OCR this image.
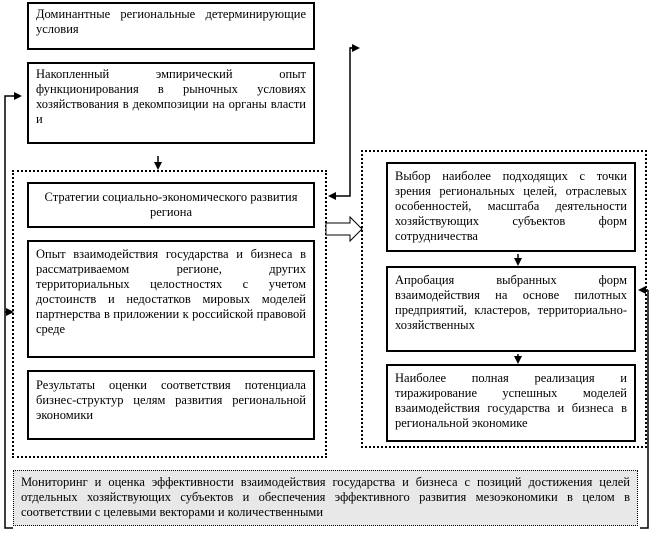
Доминантные региональные детерминирующие условия
Накопленный эмпирический опыт функционирования в рыночных условиях хозяйствования в декомпозиции на органы власти и
Стратегии социально-экономического развития региона
Опыт взаимодействия государства и бизнеса в рассматриваемом регионе, других территориальных целостностях с учетом достоинств и недостатков мировых моделей партнерства в приложении к российской правовой среде
Результаты оценки соответствия потенциала бизнес-структур целям развития региональной экономики
Выбор наиболее подходящих с точки зрения региональных целей, отраслевых особенностей, масштаба деятельности хозяйствующих субъектов форм сотрудничества
Апробация выбранных форм взаимодействия на основе пилотных предприятий, кластеров, территориально-хозяйственных
Наиболее полная реализация и тиражирование успешных моделей взаимодействия государства и бизнеса в региональной экономике
Мониторинг и оценка эффективности взаимодействия государства и бизнеса с позиций достижения целей отдельных хозяйствующих субъектов и обеспечения эффективного развития мезоэкономики в целом в соответствии с целевыми векторами и количественными
